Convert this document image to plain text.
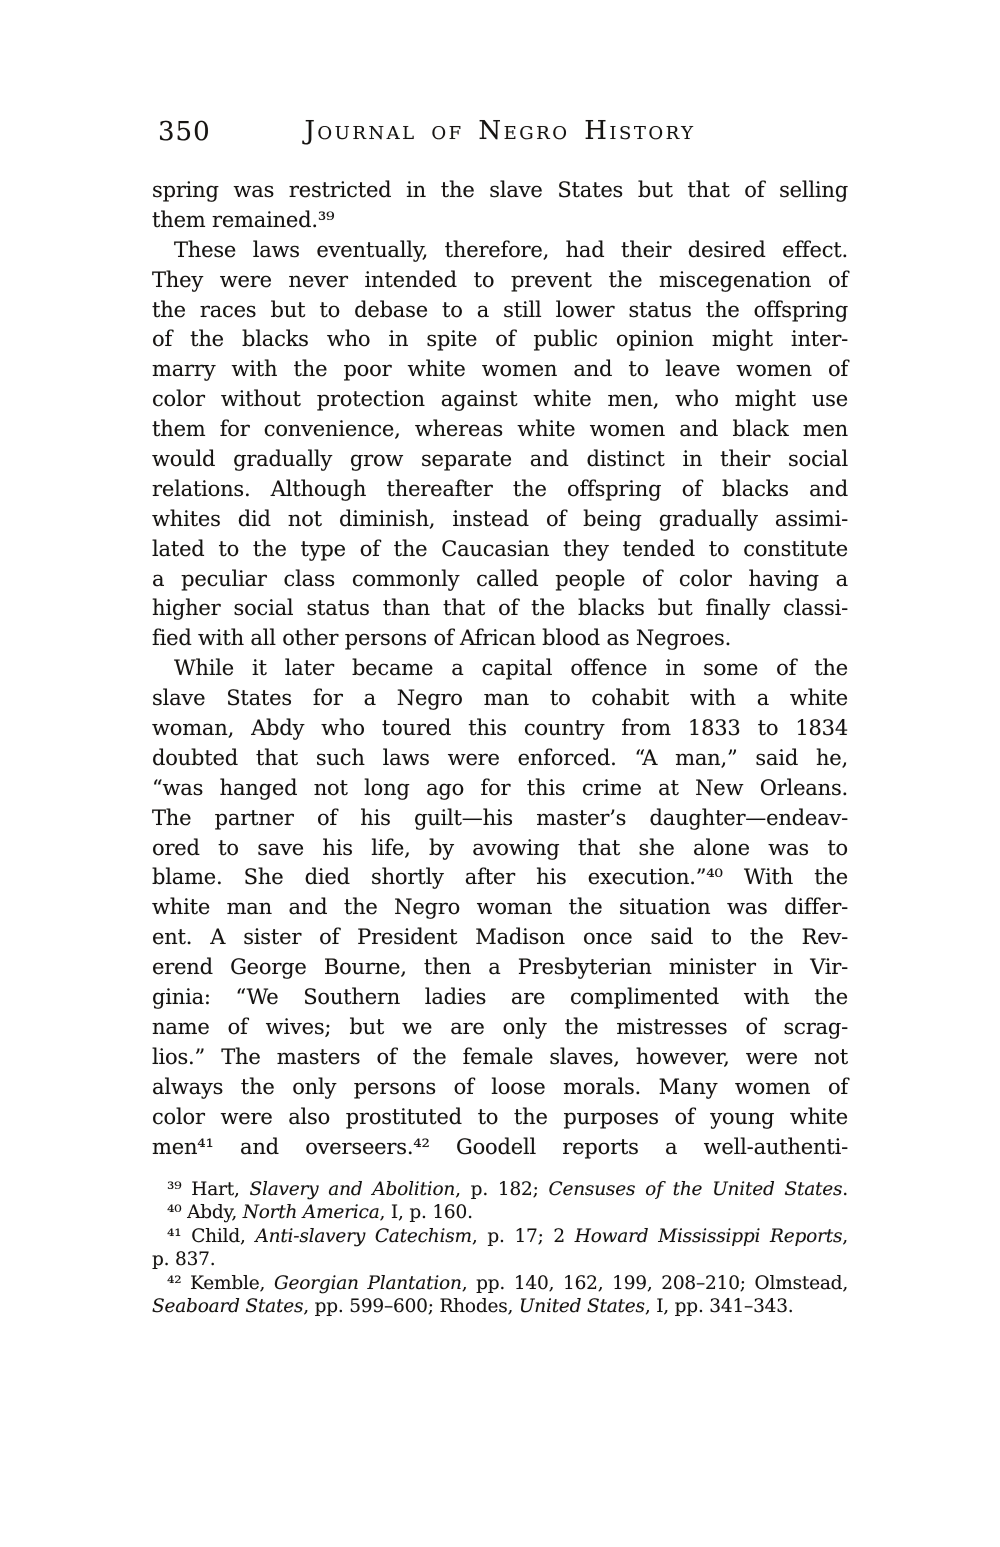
350	Journal of Negro History
spring was restricted in the slave States but that of selling
them remained.³⁹
These laws eventually, therefore, had their desired effect.
They were never intended to prevent the miscegenation of
the races but to debase to a still lower status the offspring
of the blacks who in spite of public opinion might inter-
marry with the poor white women and to leave women of
color without protection against white men, who might use
them for convenience, whereas white women and black men
would gradually grow separate and distinct in their social
relations. Although thereafter the offspring of blacks and
whites did not diminish, instead of being gradually assimi-
lated to the type of the Caucasian they tended to constitute
a peculiar class commonly called people of color having a
higher social status than that of the blacks but finally classi-
fied with all other persons of African blood as Negroes.
While it later became a capital offence in some of the
slave States for a Negro man to cohabit with a white
woman, Abdy who toured this country from 1833 to 1834
doubted that such laws were enforced. “A man,” said he,
“was hanged not long ago for this crime at New Orleans.
The partner of his guilt—his master’s daughter—endeav-
ored to save his life, by avowing that she alone was to
blame. She died shortly after his execution.”⁴⁰ With the
white man and the Negro woman the situation was differ-
ent. A sister of President Madison once said to the Rev-
erend George Bourne, then a Presbyterian minister in Vir-
ginia: “We Southern ladies are complimented with the
name of wives; but we are only the mistresses of scrag-
lios.” The masters of the female slaves, however, were not
always the only persons of loose morals. Many women of
color were also prostituted to the purposes of young white
men⁴¹ and overseers.⁴² Goodell reports a well-authenti-
³⁹ Hart, Slavery and Abolition, p. 182; Censuses of the United States.
⁴⁰ Abdy, North America, I, p. 160.
⁴¹ Child, Anti-slavery Catechism, p. 17; 2 Howard Mississippi Reports,
p. 837.
⁴² Kemble, Georgian Plantation, pp. 140, 162, 199, 208–210; Olmstead,
Seaboard States, pp. 599–600; Rhodes, United States, I, pp. 341–343.
